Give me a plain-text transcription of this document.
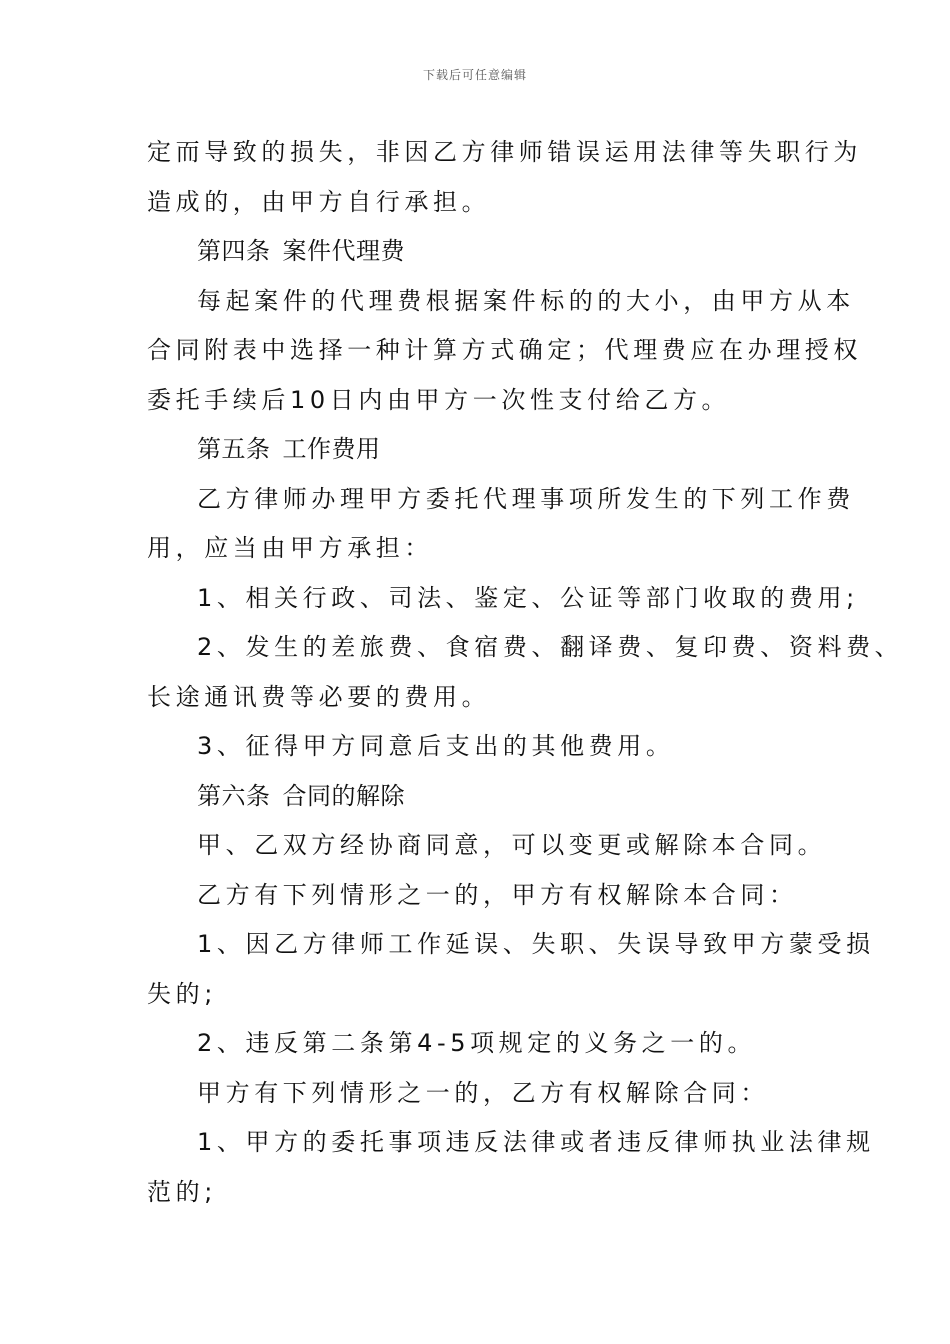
下载后可任意编辑
定而导致的损失，非因乙方律师错误运用法律等失职行为
造成的，由甲方自行承担。
第四条 案件代理费
每起案件的代理费根据案件标的的大小，由甲方从本
合同附表中选择一种计算方式确定；代理费应在办理授权
委托手续后10日内由甲方一次性支付给乙方。
第五条 工作费用
乙方律师办理甲方委托代理事项所发生的下列工作费
用，应当由甲方承担：
1、相关行政、司法、鉴定、公证等部门收取的费用;
2、发生的差旅费、食宿费、翻译费、复印费、资料费、
长途通讯费等必要的费用。
3、征得甲方同意后支出的其他费用。
第六条 合同的解除
甲、乙双方经协商同意，可以变更或解除本合同。
乙方有下列情形之一的，甲方有权解除本合同：
1、因乙方律师工作延误、失职、失误导致甲方蒙受损
失的;
2、违反第二条第4-5项规定的义务之一的。
甲方有下列情形之一的，乙方有权解除合同：
1、甲方的委托事项违反法律或者违反律师执业法律规
范的;
